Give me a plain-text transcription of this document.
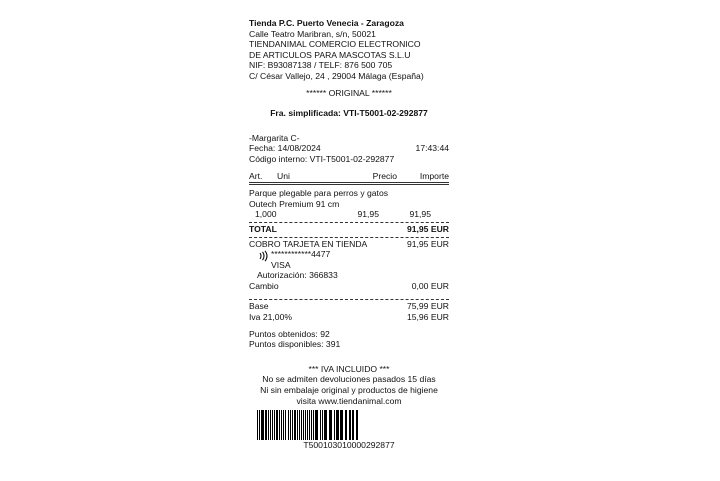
Tienda P.C. Puerto Venecia - Zaragoza
Calle Teatro Maribran, s/n, 50021
TIENDANIMAL COMERCIO ELECTRONICO
DE ARTICULOS PARA MASCOTAS S.L.U
NIF: B93087138 / TELF: 876 500 705
C/ César Vallejo, 24 , 29004 Málaga (España)
****** ORIGINAL ******
Fra. simplificada: VTI-T5001-02-292877
-Margarita C-
Fecha: 14/08/2024	17:43:44
Código interno: VTI-T5001-02-292877
Art.	Uni	Precio	Importe
Parque plegable para perros y gatos
Outech Premium 91 cm
1,000	91,95	91,95
TOTAL	91,95 EUR
COBRO TARJETA EN TIENDA	91,95 EUR
************4477
VISA
Autorización: 366833
Cambio	0,00 EUR
Base	75,99 EUR
Iva 21,00%	15,96 EUR
Puntos obtenidos: 92
Puntos disponibles: 391
*** IVA INCLUIDO ***
No se admiten devoluciones pasados 15 días
Ni sin embalaje original y productos de higiene
visita www.tiendanimal.com
T500103010000292877
